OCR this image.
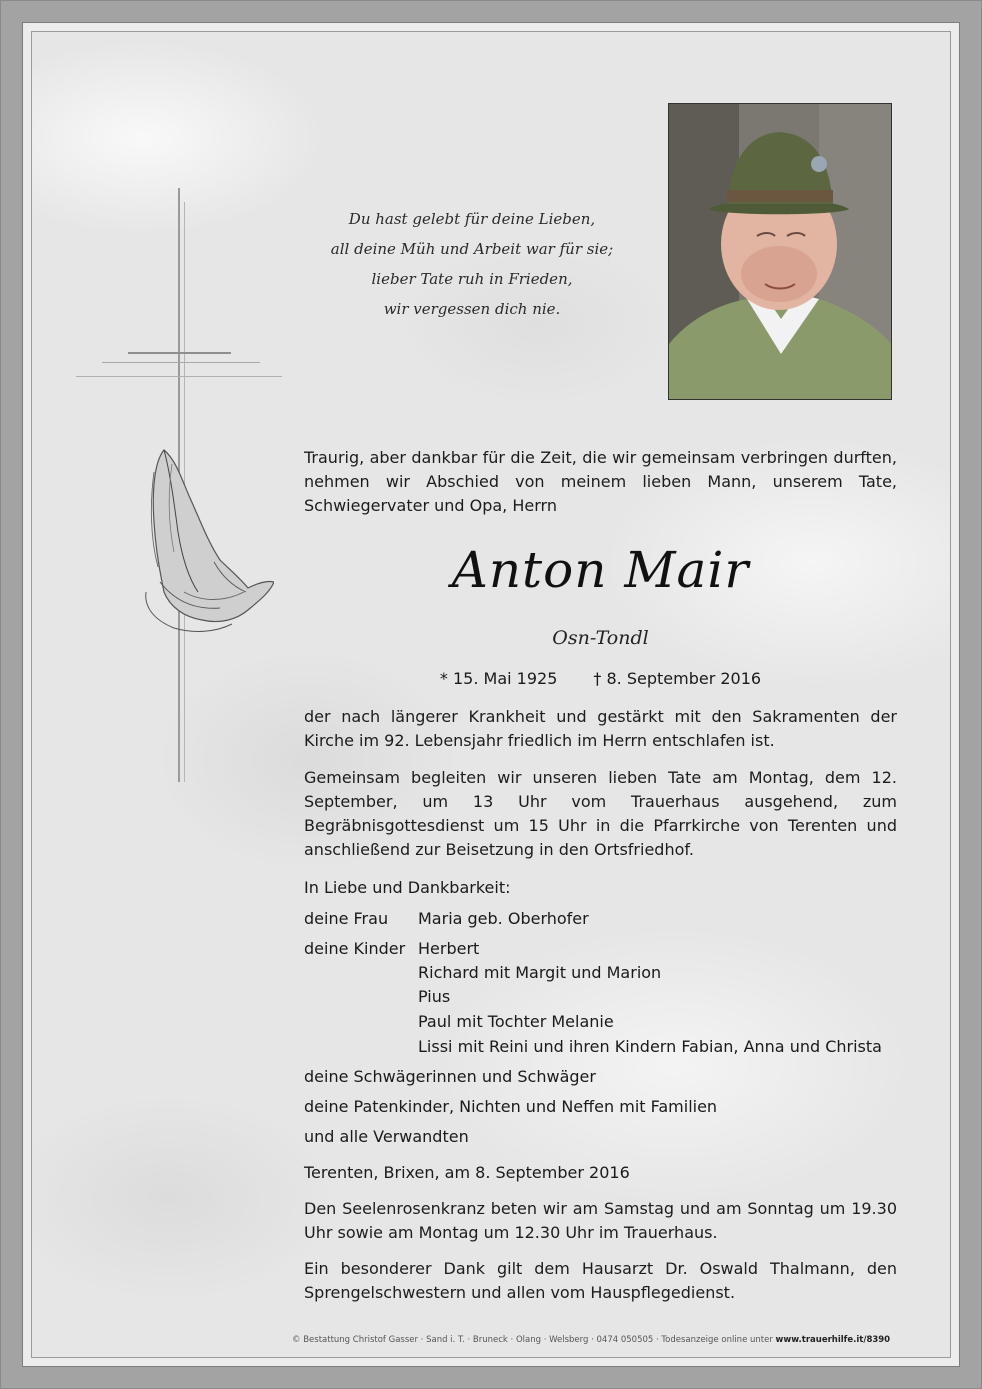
Du hast gelebt für deine Lieben,
all deine Müh und Arbeit war für sie;
lieber Tate ruh in Frieden,
wir vergessen dich nie.
Traurig, aber dankbar für die Zeit, die wir gemeinsam verbringen durften, nehmen wir Abschied von meinem lieben Mann, unserem Tate, Schwiegervater und Opa, Herrn
Anton Mair
Osn-Tondl
* 15. Mai 1925 † 8. September 2016
der nach längerer Krankheit und gestärkt mit den Sakramenten der Kirche im 92. Lebensjahr friedlich im Herrn entschlafen ist.
Gemeinsam begleiten wir unseren lieben Tate am Montag, dem 12. September, um 13 Uhr vom Trauerhaus ausgehend, zum Begräbnisgottesdienst um 15 Uhr in die Pfarrkirche von Terenten und anschließend zur Beisetzung in den Ortsfriedhof.
In Liebe und Dankbarkeit:
deine Frau Maria geb. Oberhofer
deine Kinder Herbert
Richard mit Margit und Marion
Pius
Paul mit Tochter Melanie
Lissi mit Reini und ihren Kindern Fabian, Anna und Christa
deine Schwägerinnen und Schwäger
deine Patenkinder, Nichten und Neffen mit Familien
und alle Verwandten
Terenten, Brixen, am 8. September 2016
Den Seelenrosenkranz beten wir am Samstag und am Sonntag um 19.30 Uhr sowie am Montag um 12.30 Uhr im Trauerhaus.
Ein besonderer Dank gilt dem Hausarzt Dr. Oswald Thalmann, den Sprengelschwestern und allen vom Hauspflegedienst.
© Bestattung Christof Gasser · Sand i. T. · Bruneck · Olang · Welsberg · 0474 050505 · Todesanzeige online unter www.trauerhilfe.it/8390
